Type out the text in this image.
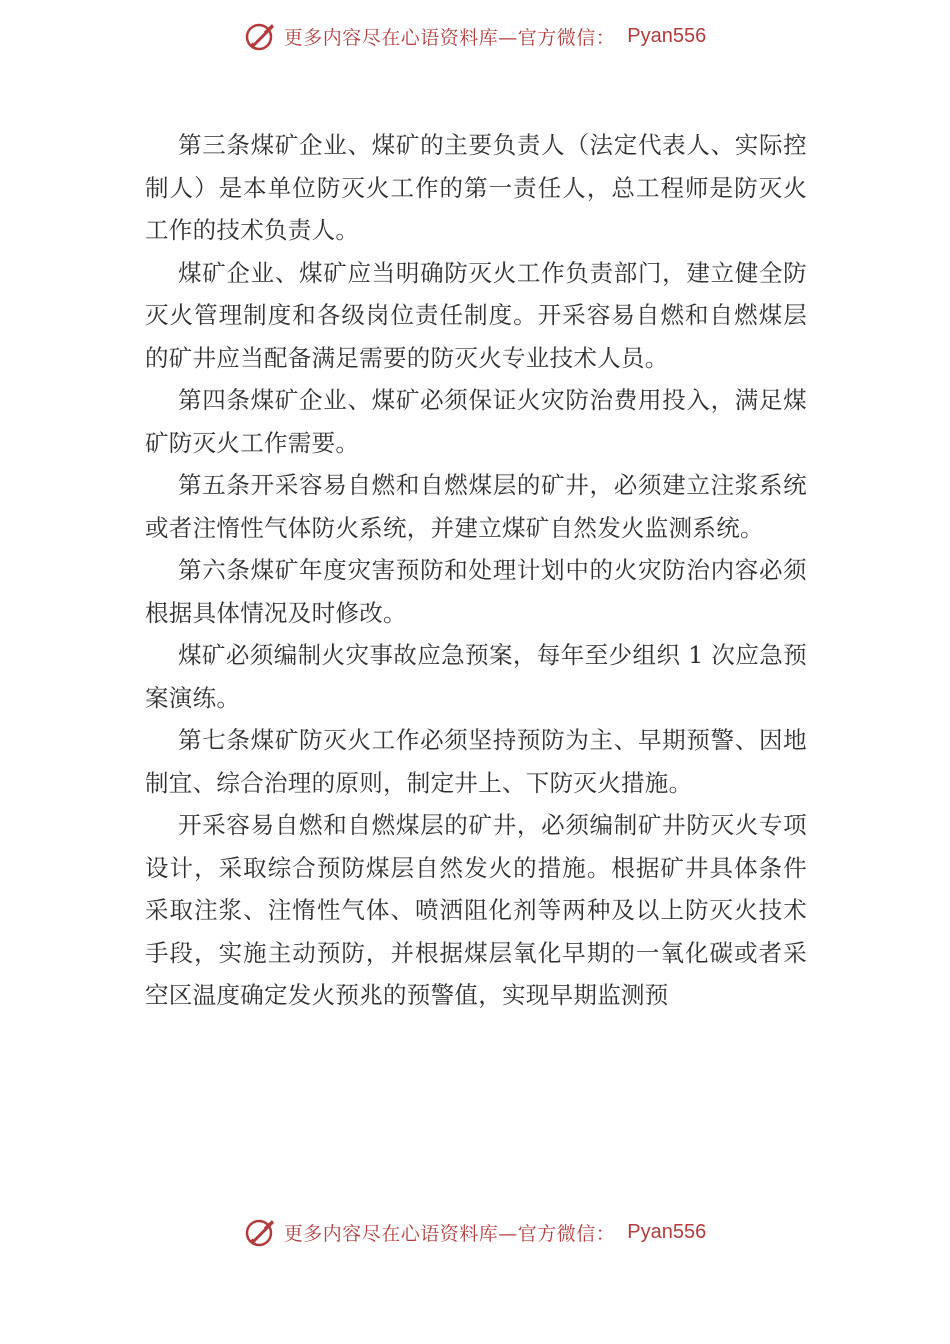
更多内容尽在心语资料库—官方微信： Pyan556

第三条煤矿企业、煤矿的主要负责人（法定代表人、实际控制人）是本单位防灭火工作的第一责任人，总工程师是防灭火工作的技术负责人。

煤矿企业、煤矿应当明确防灭火工作负责部门，建立健全防灭火管理制度和各级岗位责任制度。开采容易自燃和自燃煤层的矿井应当配备满足需要的防灭火专业技术人员。

第四条煤矿企业、煤矿必须保证火灾防治费用投入，满足煤矿防灭火工作需要。

第五条开采容易自燃和自燃煤层的矿井，必须建立注浆系统或者注惰性气体防火系统，并建立煤矿自然发火监测系统。

第六条煤矿年度灾害预防和处理计划中的火灾防治内容必须根据具体情况及时修改。

煤矿必须编制火灾事故应急预案，每年至少组织 1 次应急预案演练。

第七条煤矿防灭火工作必须坚持预防为主、早期预警、因地制宜、综合治理的原则，制定井上、下防灭火措施。

开采容易自燃和自燃煤层的矿井，必须编制矿井防灭火专项设计，采取综合预防煤层自然发火的措施。根据矿井具体条件采取注浆、注惰性气体、喷洒阻化剂等两种及以上防灭火技术手段，实施主动预防，并根据煤层氧化早期的一氧化碳或者采空区温度确定发火预兆的预警值，实现早期监测预

更多内容尽在心语资料库—官方微信： Pyan556
